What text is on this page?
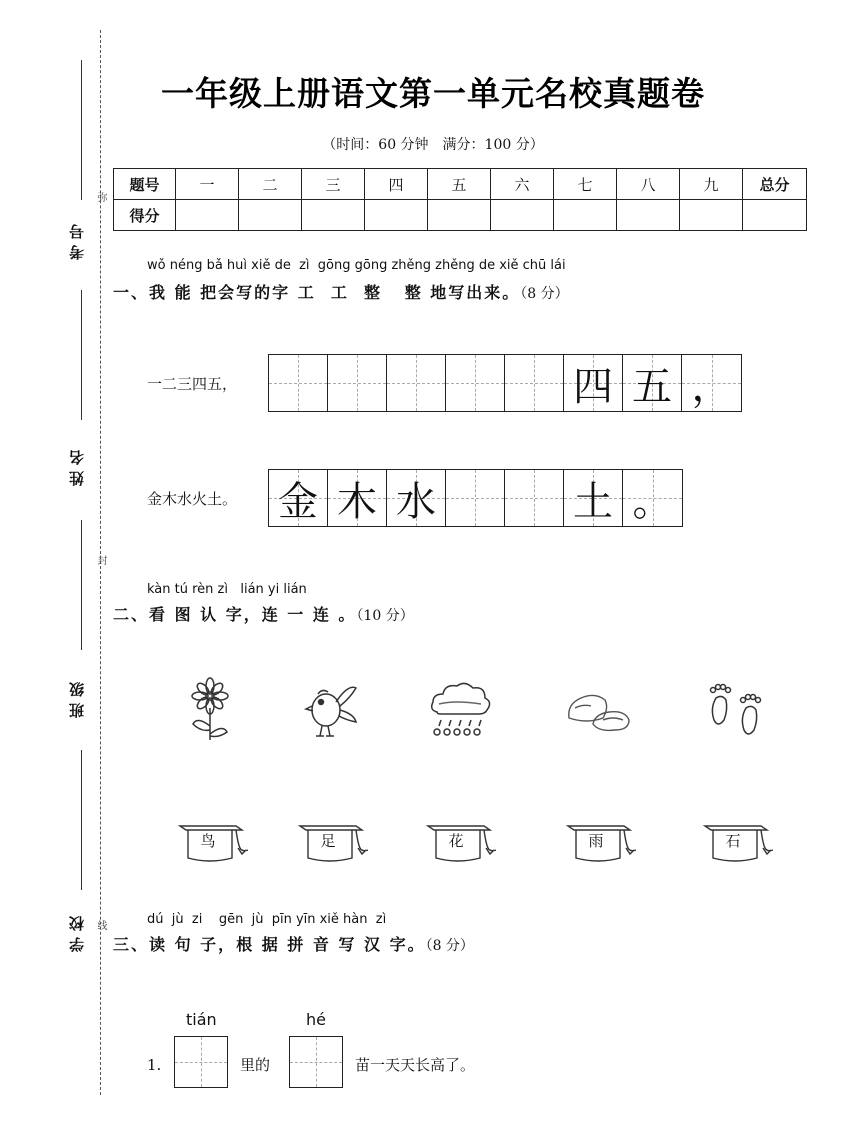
考号
姓名
班级
学校
弥
封
线
一年级上册语文第一单元名校真题卷
（时间：60 分钟　满分：100 分）
题号	一	二	三	四	五	六	七	八	九	总分
得分										
wǒ néng bǎ huì xiě de  zì  gōng gōng zhěng zhěng de xiě chū lái
一、我 能 把会写的字 工  工  整   整 地写出来。（8 分）
一二三四五，	四 五 ，
金木水火土。 金 木 水	土 。
kàn tú rèn zì   lián yi lián
二、看 图 认 字，连 一 连 。（10 分）
鸟	足	花	雨	石
dú  jù  zi    gēn  jù  pīn yīn xiě hàn  zì
三、读 句 子，根 据 拼 音 写 汉 字。（8 分）
tián	hé
1.	里的	苗一天天长高了。
